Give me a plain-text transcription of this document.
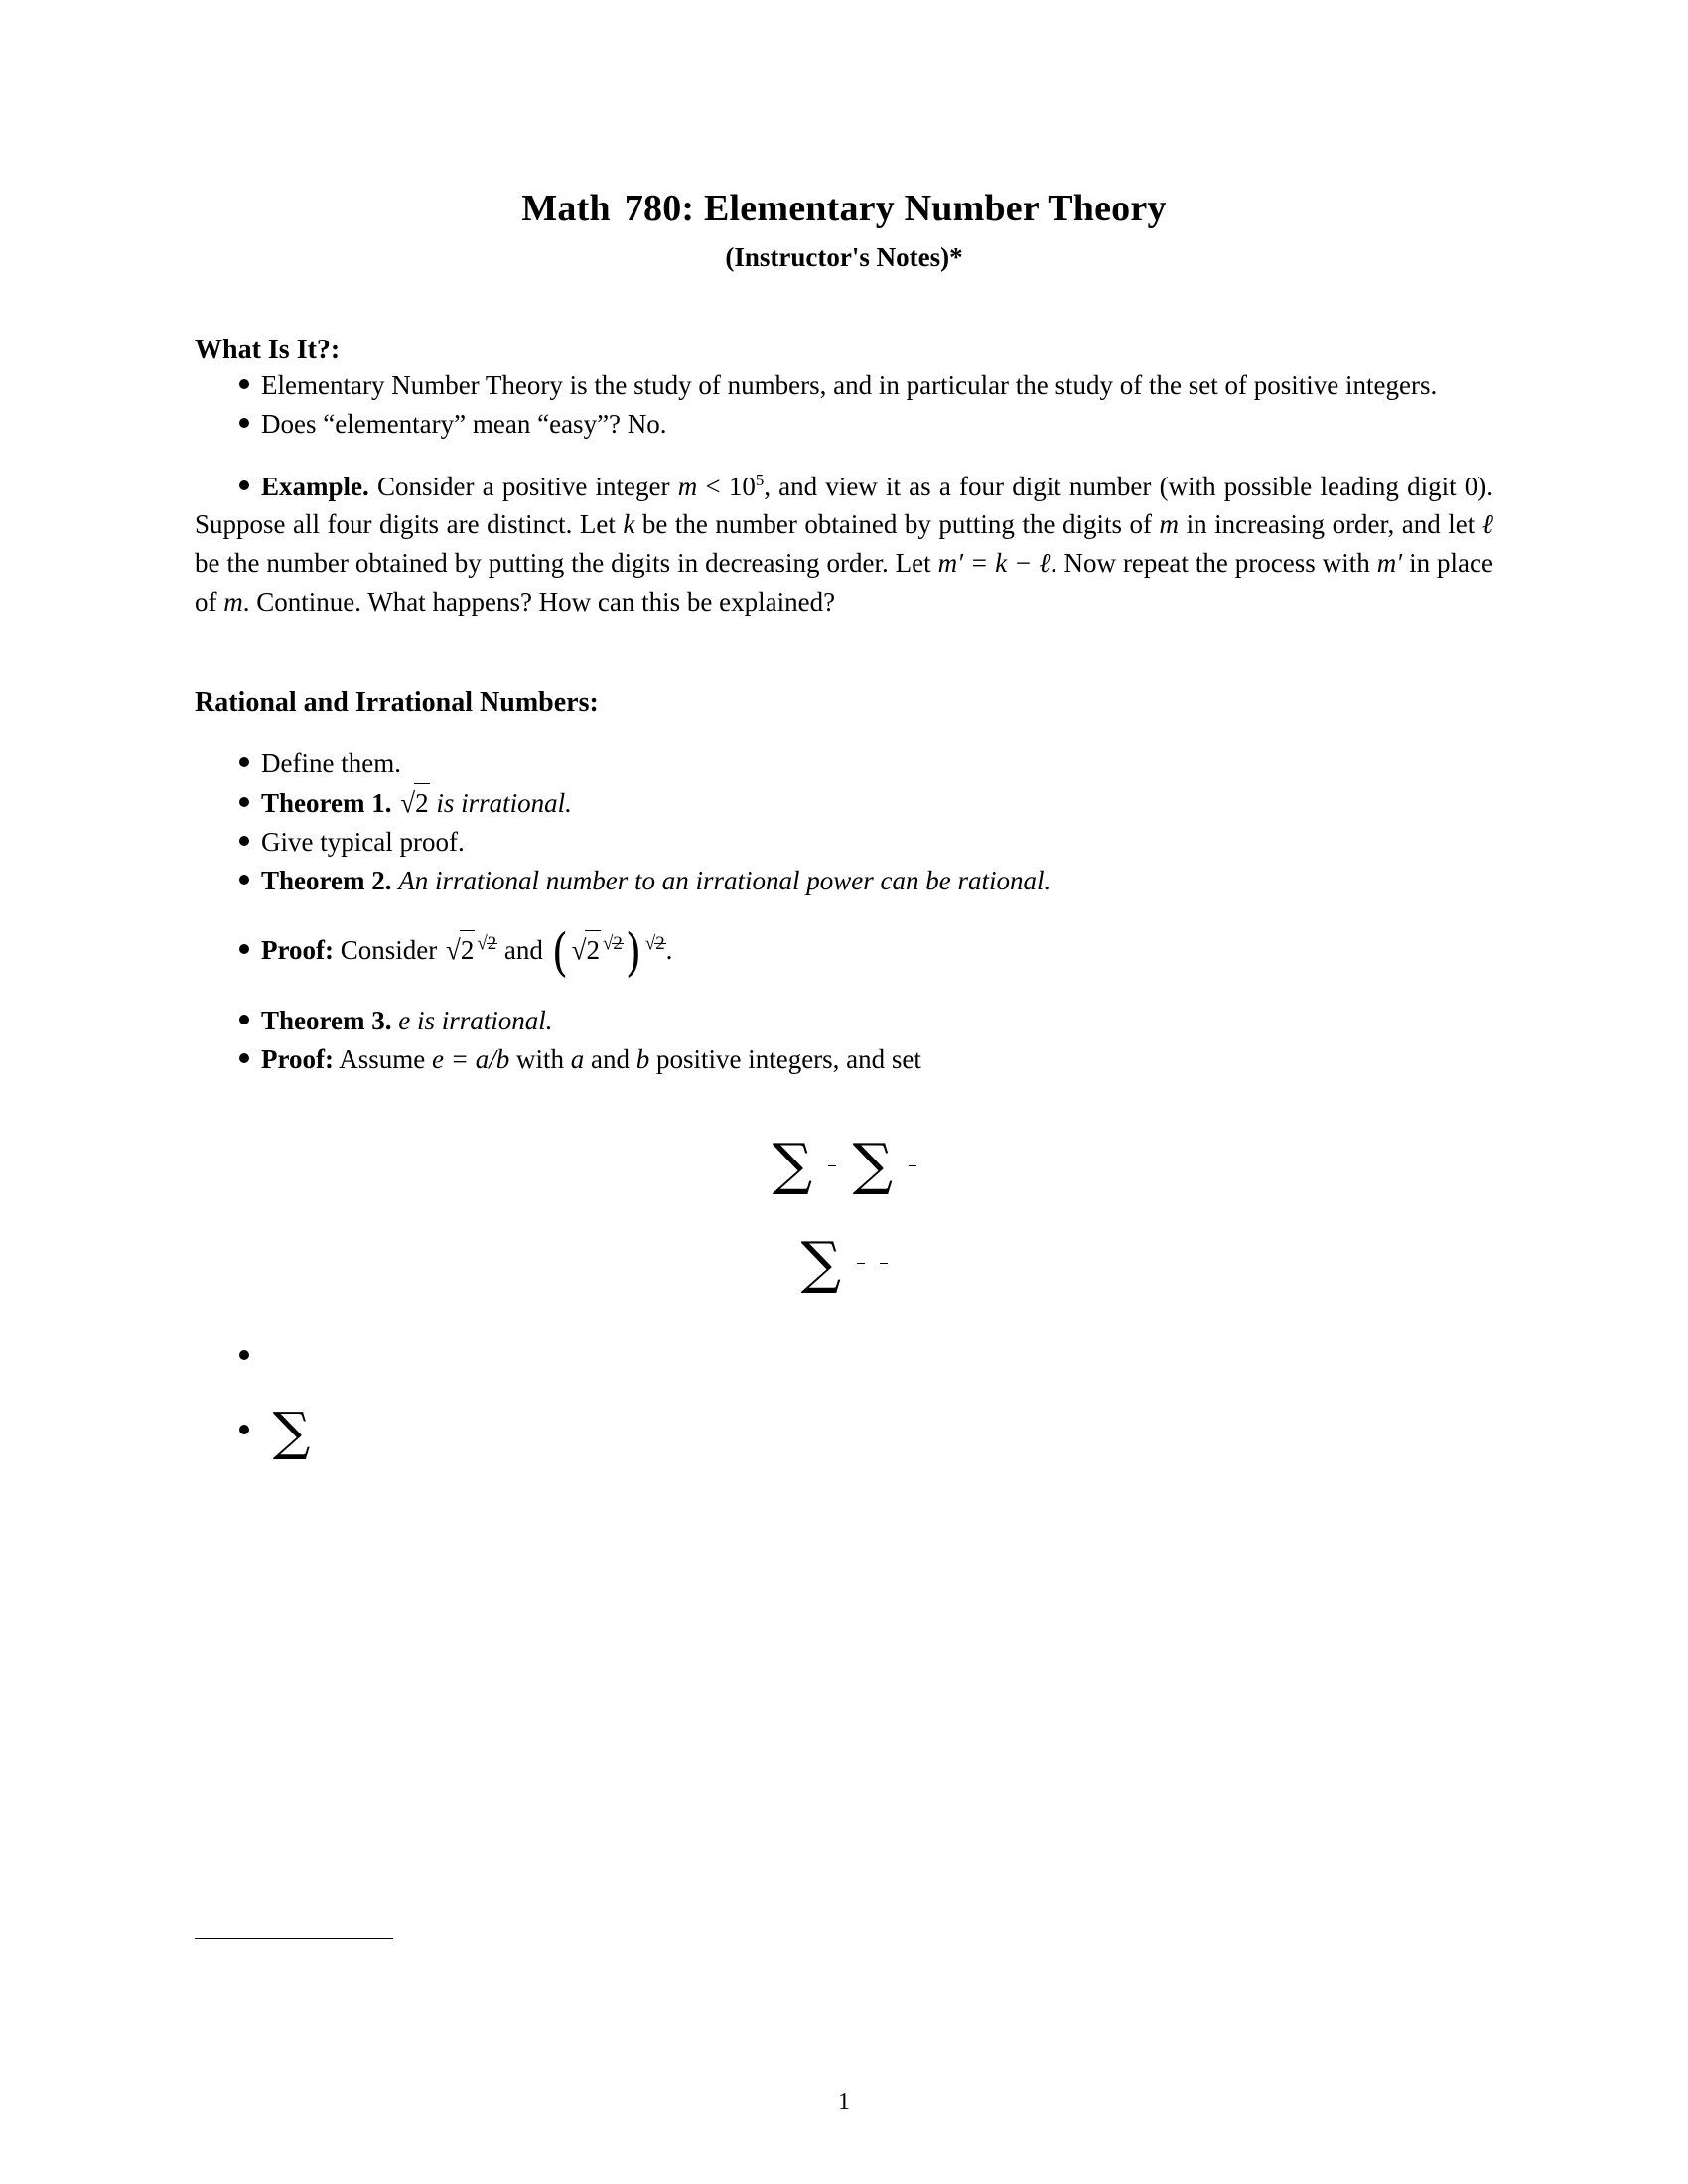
Math 780: Elementary Number Theory
(Instructor's Notes)*
What Is It?:

Elementary Number Theory is the study of numbers, and in particular the study of the set of positive integers.

Does “elementary” mean “easy”? No.

Example. Consider a positive integer $m < 10^5$, and view it as a four digit number (with possible leading digit 0). Suppose all four digits are distinct. Let k be the number obtained by putting the digits of m in increasing order, and let ℓ be the number obtained by putting the digits in decreasing order. Let m′ = k − ℓ. Now repeat the process with m′ in place of m. Continue. What happens? How can this be explained?

Rational and Irrational Numbers:

Define them.

Theorem 1. √2 is irrational.

Give typical proof.

Theorem 2. An irrational number to an irrational power can be rational.

Proof: Consider √2 $^{√2}$ and ( √2 $^{√2}$) $^{√2}$.

Theorem 3. e is irrational.

Proof: Assume e = a/b with a and b positive integers, and set

∑

∑

∑

∑

1
